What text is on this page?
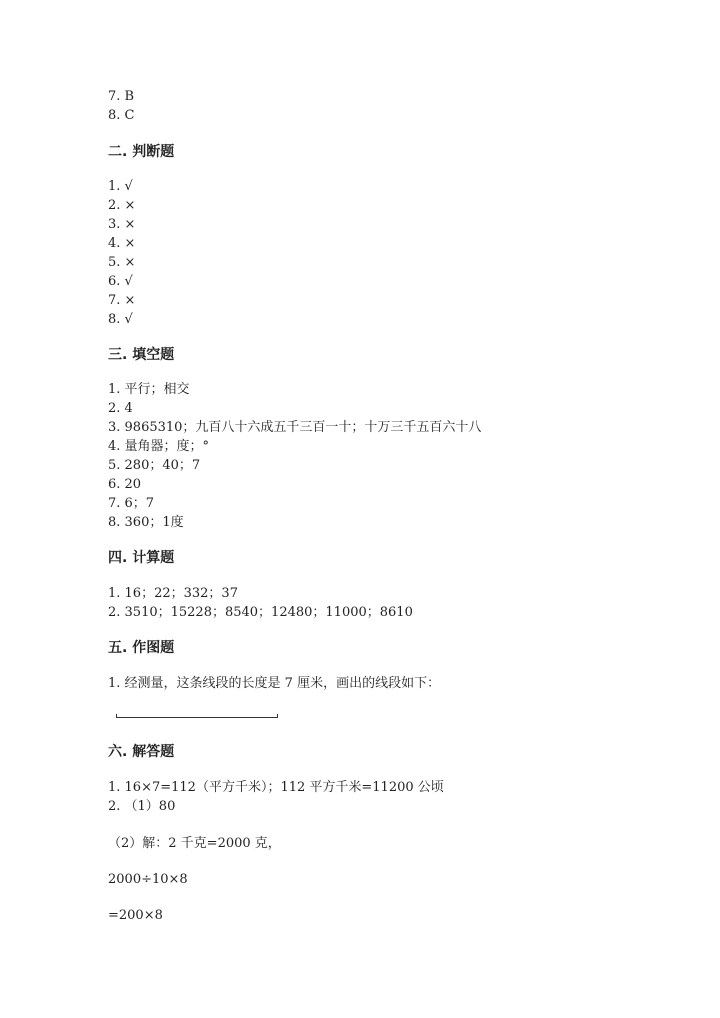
7. B
8. C
二. 判断题
1. √
2. ×
3. ×
4. ×
5. ×
6. √
7. ×
8. √
三. 填空题
1. 平行；相交
2. 4
3. 9865310；九百八十六成五千三百一十；十万三千五百六十八
4. 量角器；度；°
5. 280；40；7
6. 20
7. 6；7
8. 360；1度
四. 计算题
1. 16；22；332；37
2. 3510；15228；8540；12480；11000；8610
五. 作图题
1. 经测量，这条线段的长度是 7 厘米，画出的线段如下：
六. 解答题
1. 16×7=112（平方千米）；112 平方千米=11200 公顷
2. （1）80
（2）解：2 千克=2000 克，
2000÷10×8
=200×8
